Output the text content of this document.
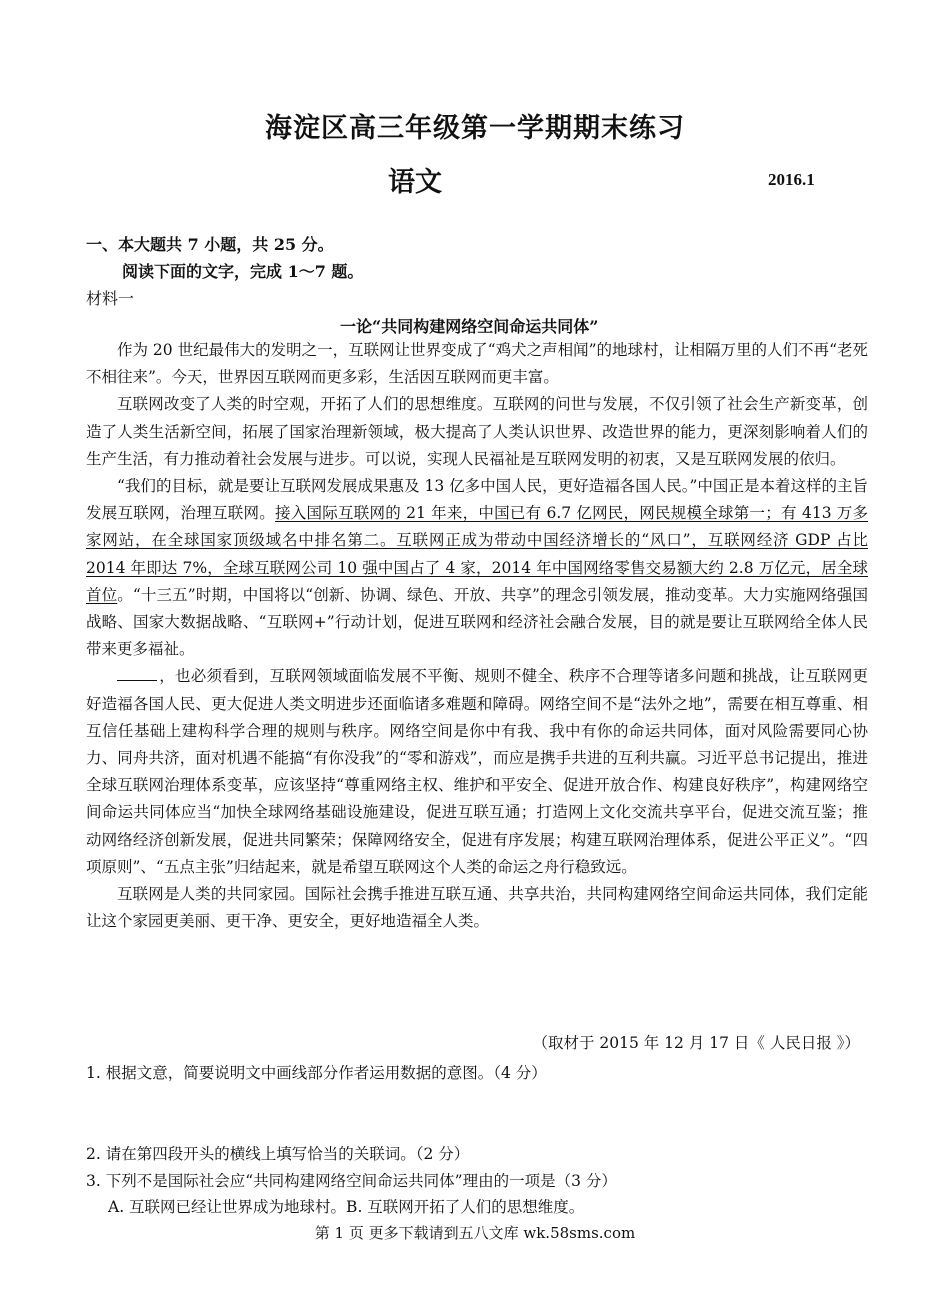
海淀区高三年级第一学期期末练习
语文	2016.1
一、本大题共 7 小题，共 25 分。
阅读下面的文字，完成 1～7 题。
材料一
一论“共同构建网络空间命运共同体”

作为 20 世纪最伟大的发明之一，互联网让世界变成了“鸡犬之声相闻”的地球村，让相隔万里的人们不再“老死不相往来”。今天，世界因互联网而更多彩，生活因互联网而更丰富。

互联网改变了人类的时空观，开拓了人们的思想维度。互联网的问世与发展，不仅引领了社会生产新变革，创造了人类生活新空间，拓展了国家治理新领域，极大提高了人类认识世界、改造世界的能力，更深刻影响着人们的生产生活，有力推动着社会发展与进步。可以说，实现人民福祉是互联网发明的初衷，又是互联网发展的依归。

“我们的目标，就是要让互联网发展成果惠及 13 亿多中国人民，更好造福各国人民。”中国正是本着这样的主旨发展互联网，治理互联网。接入国际互联网的 21 年来，中国已有 6.7 亿网民，网民规模全球第一；有 413 万多家网站，在全球国家顶级域名中排名第二。互联网正成为带动中国经济增长的“风口”，互联网经济 GDP 占比 2014 年即达 7%，全球互联网公司 10 强中国占了 4 家，2014 年中国网络零售交易额大约 2.8 万亿元，居全球首位。“十三五”时期，中国将以“创新、协调、绿色、开放、共享”的理念引领发展，推动变革。大力实施网络强国战略、国家大数据战略、“互联网+”行动计划，促进互联网和经济社会融合发展，目的就是要让互联网给全体人民带来更多福祉。

，也必须看到，互联网领域面临发展不平衡、规则不健全、秩序不合理等诸多问题和挑战，让互联网更好造福各国人民、更大促进人类文明进步还面临诸多难题和障碍。网络空间不是“法外之地”，需要在相互尊重、相互信任基础上建构科学合理的规则与秩序。网络空间是你中有我、我中有你的命运共同体，面对风险需要同心协力、同舟共济，面对机遇不能搞“有你没我”的“零和游戏”，而应是携手共进的互利共赢。习近平总书记提出，推进全球互联网治理体系变革，应该坚持“尊重网络主权、维护和平安全、促进开放合作、构建良好秩序”，构建网络空间命运共同体应当“加快全球网络基础设施建设，促进互联互通；打造网上文化交流共享平台，促进交流互鉴；推动网络经济创新发展，促进共同繁荣；保障网络安全，促进有序发展；构建互联网治理体系，促进公平正义”。“四项原则”、“五点主张”归结起来，就是希望互联网这个人类的命运之舟行稳致远。

互联网是人类的共同家园。国际社会携手推进互联互通、共享共治，共同构建网络空间命运共同体，我们定能让这个家园更美丽、更干净、更安全，更好地造福全人类。

（取材于 2015 年 12 月 17 日《 人民日报 》）
1. 根据文意，简要说明文中画线部分作者运用数据的意图。（4 分）
2. 请在第四段开头的横线上填写恰当的关联词。（2 分）
3. 下列不是国际社会应“共同构建网络空间命运共同体”理由的一项是（3 分）
A. 互联网已经让世界成为地球村。B. 互联网开拓了人们的思想维度。
第 1 页 更多下载请到五八文库 wk.58sms.com
